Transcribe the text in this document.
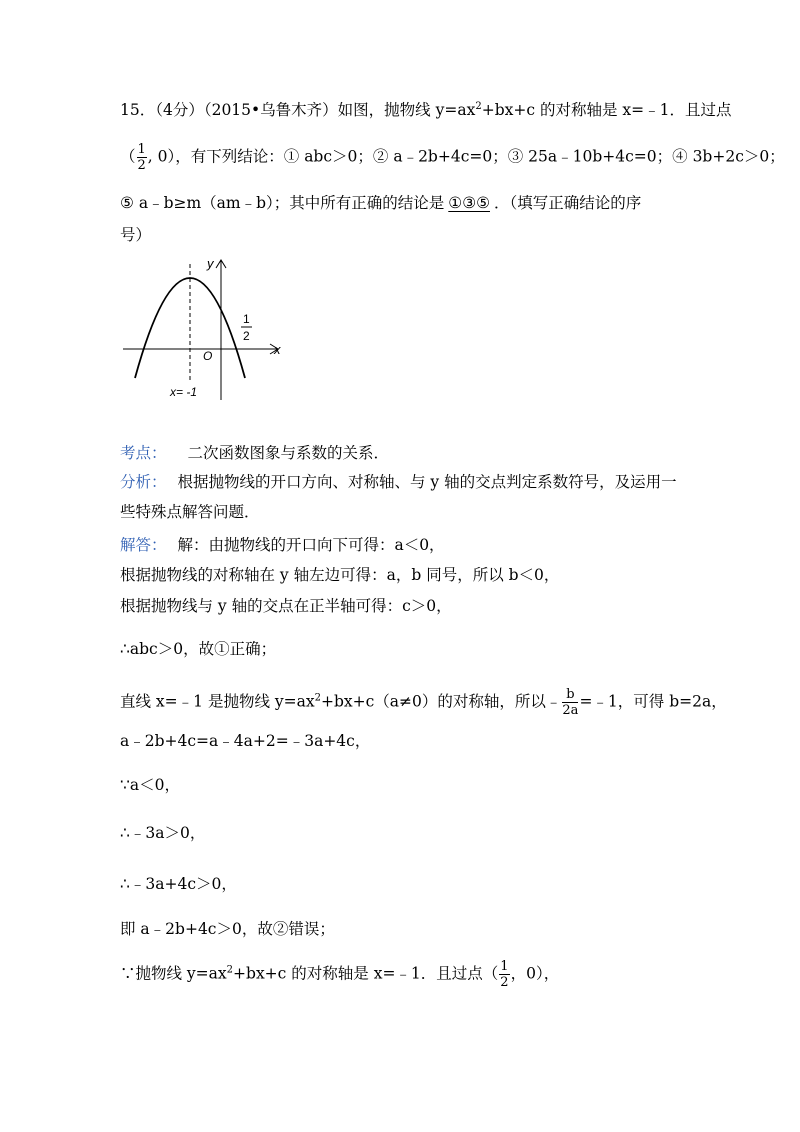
15．（4分）（2015•乌鲁木齐）如图，抛物线 $y=ax^2+bx+c$ 的对称轴是 x=﹣1．且过点
（ $\frac{1}{2}$ , 0），有下列结论：① abc＞0；② a﹣2b+4c=0；③ 25a﹣10b+4c=0；④ 3b+2c＞0；
⑤ a﹣b≥m（am﹣b）；其中所有正确的结论是 ①③⑤ ．（填写正确结论的序
号）
y
x
O
1
2
x= -1
考点： 二次函数图象与系数的关系．
分析： 根据抛物线的开口方向、对称轴、与 y 轴的交点判定系数符号，及运用一
些特殊点解答问题．
解答： 解：由抛物线的开口向下可得：a＜0，
根据抛物线的对称轴在 y 轴左边可得：a，b 同号，所以 b＜0，
根据抛物线与 y 轴的交点在正半轴可得：c＞0，
∴abc＞0，故①正确；
直线 x=﹣1 是抛物线 $y=ax^2+bx+c(a\ne 0)$的对称轴，所以﹣ $\frac{b}{2a}$ =﹣1，可得 b=2a，
a﹣2b+4c=a﹣4a+2=﹣3a+4c，
∵a＜0，
∴﹣3a＞0，
∴﹣3a+4c＞0，
即 a﹣2b+4c＞0，故②错误；
∵抛物线 $y=ax^2+bx+c$ 的对称轴是 x=﹣1．且过点（ $\frac{1}{2}$ ，0），
